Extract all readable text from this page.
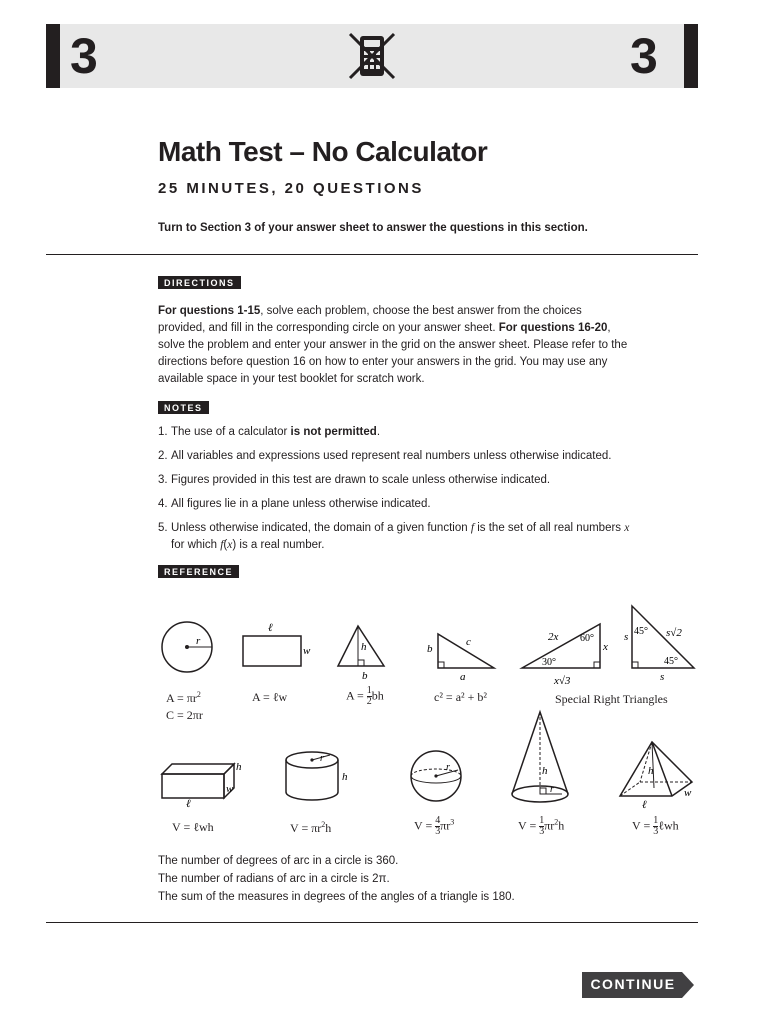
3	3
Math Test – No Calculator
25 MINUTES, 20 QUESTIONS
Turn to Section 3 of your answer sheet to answer the questions in this section.
DIRECTIONS
For questions 1-15, solve each problem, choose the best answer from the choices provided, and fill in the corresponding circle on your answer sheet. For questions 16-20, solve the problem and enter your answer in the grid on the answer sheet. Please refer to the directions before question 16 on how to enter your answers in the grid. You may use any available space in your test booklet for scratch work.
NOTES
1. The use of a calculator is not permitted.
2. All variables and expressions used represent real numbers unless otherwise indicated.
3. Figures provided in this test are drawn to scale unless otherwise indicated.
4. All figures lie in a plane unless otherwise indicated.
5. Unless otherwise indicated, the domain of a given function f is the set of all real numbers x for which f(x) is a real number.
REFERENCE
r
$A = \pi r^2$
C = 2πr
ℓ
w
A = ℓw
h
b
$A = \frac{1}{2}$ bh
b
c
a
c² = a² + b²
2x 60°
30°
x
x√3
s 45° s√2
45°
s
Special Right Triangles
h
w
ℓ
V = ℓwh
r
h
$V = \pi r^2h$
r
$V = \frac{4}{3} \pi r^3$
h
r
$V = \frac{1}{3} \pi r^2h$
h
w
ℓ
$V = \frac{1}{3}$ ℓwh
The number of degrees of arc in a circle is 360.
The number of radians of arc in a circle is 2π.
The sum of the measures in degrees of the angles of a triangle is 180.
CONTINUE
